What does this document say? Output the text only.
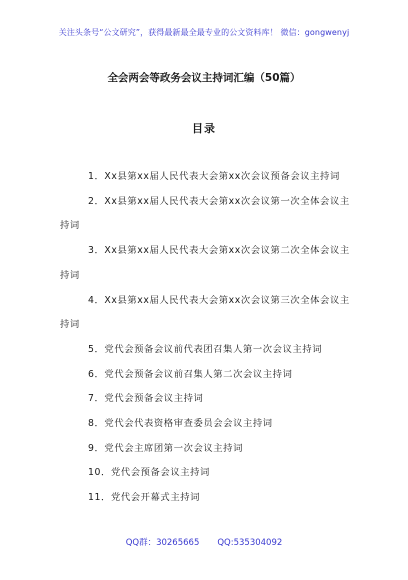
关注头条号“公文研究”，获得最新最全最专业的公文资料库！ 微信：gongwenyj
全会两会等政务会议主持词汇编（50篇）
目录
1．Xx县第xx届人民代表大会第xx次会议预备会议主持词
2．Xx县第xx届人民代表大会第xx次会议第一次全体会议主持词
3．Xx县第xx届人民代表大会第xx次会议第二次全体会议主持词
4．Xx县第xx届人民代表大会第xx次会议第三次全体会议主持词
5．党代会预备会议前代表团召集人第一次会议主持词
6．党代会预备会议前召集人第二次会议主持词
7．党代会预备会议主持词
8．党代会代表资格审查委员会会议主持词
9．党代会主席团第一次会议主持词
10．党代会预备会议主持词
11．党代会开幕式主持词
QQ群：30265665 QQ:535304092
